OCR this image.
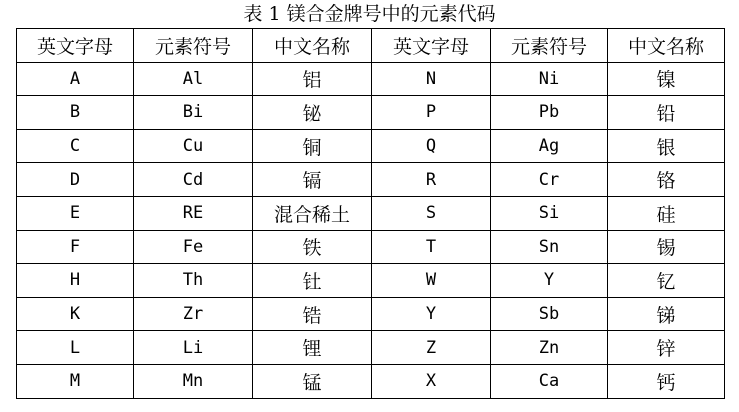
表 1 镁合金牌号中的元素代码
英文字母	元素符号	中文名称	英文字母	元素符号	中文名称
A	Al	铝	N	Ni	镍
B	Bi	铋	P	Pb	铅
C	Cu	铜	Q	Ag	银
D	Cd	镉	R	Cr	铬
E	RE	混合稀土	S	Si	硅
F	Fe	铁	T	Sn	锡
H	Th	钍	W	Y	钇
K	Zr	锆	Y	Sb	锑
L	Li	锂	Z	Zn	锌
M	Mn	锰	X	Ca	钙
